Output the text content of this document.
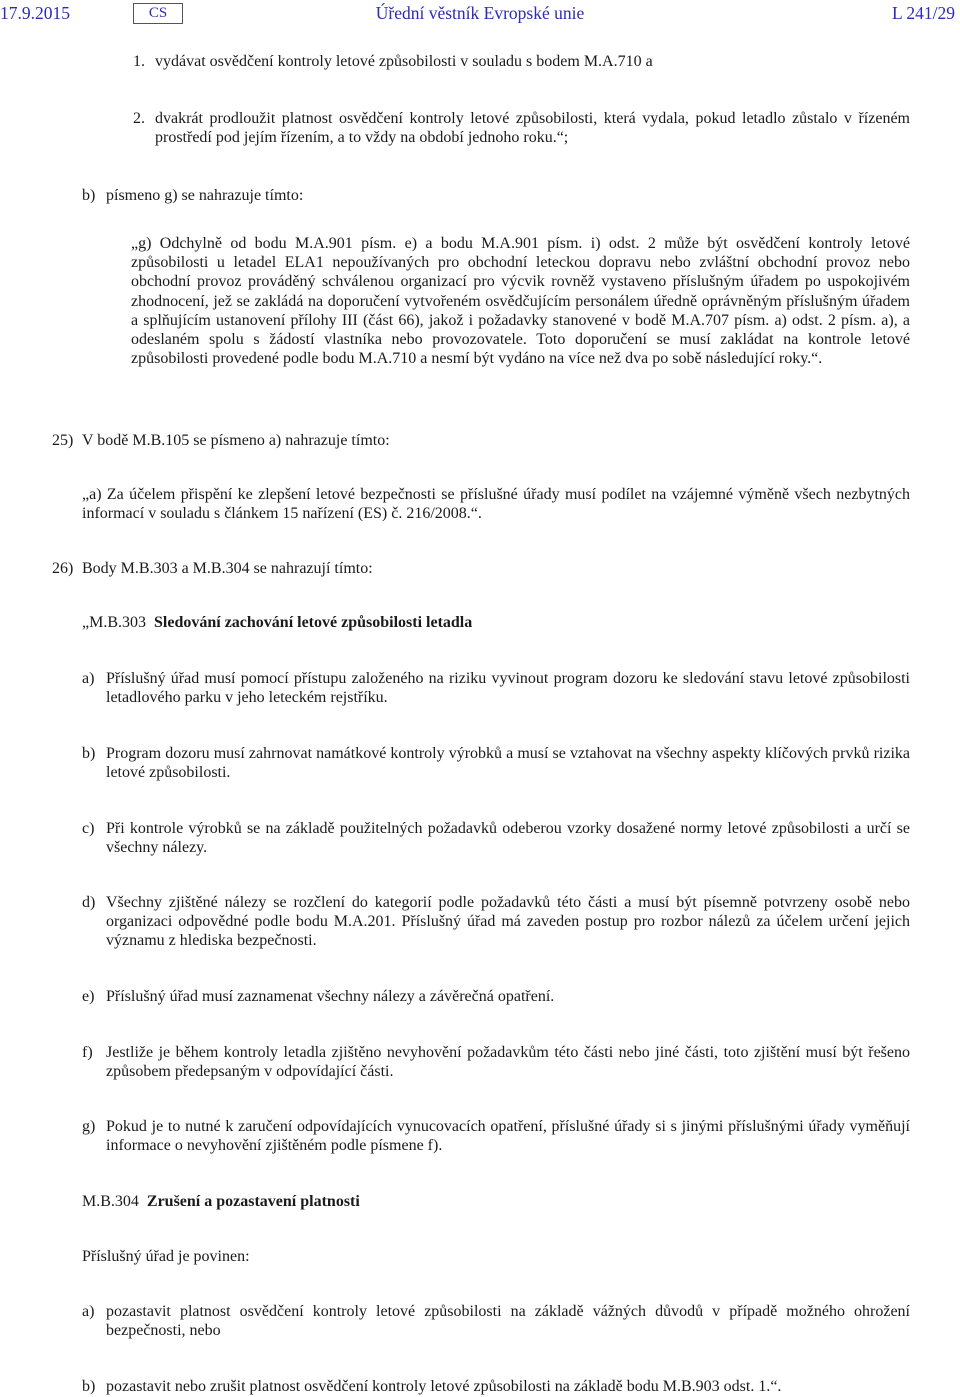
17.9.2015	CS	Úřední věstník Evropské unie	L 241/29
1. vydávat osvědčení kontroly letové způsobilosti v souladu s bodem M.A.710 a
2. dvakrát prodloužit platnost osvědčení kontroly letové způsobilosti, která vydala, pokud letadlo zůstalo v řízeném prostředí pod jejím řízením, a to vždy na období jednoho roku.“;
b) písmeno g) se nahrazuje tímto:
„g) Odchylně od bodu M.A.901 písm. e) a bodu M.A.901 písm. i) odst. 2 může být osvědčení kontroly letové způsobilosti u letadel ELA1 nepoužívaných pro obchodní leteckou dopravu nebo zvláštní obchodní provoz nebo obchodní provoz prováděný schválenou organizací pro výcvik rovněž vystaveno příslušným úřadem po uspokojivém zhodnocení, jež se zakládá na doporučení vytvořeném osvědčujícím personálem úředně oprávněným příslušným úřadem a splňujícím ustanovení přílohy III (část 66), jakož i požadavky stanovené v bodě M.A.707 písm. a) odst. 2 písm. a), a odeslaném spolu s žádostí vlastníka nebo provozovatele. Toto doporučení se musí zakládat na kontrole letové způsobilosti provedené podle bodu M.A.710 a nesmí být vydáno na více než dva po sobě následující roky.“.
25) V bodě M.B.105 se písmeno a) nahrazuje tímto:
„a) Za účelem přispění ke zlepšení letové bezpečnosti se příslušné úřady musí podílet na vzájemné výměně všech nezbytných informací v souladu s článkem 15 nařízení (ES) č. 216/2008.“.
26) Body M.B.303 a M.B.304 se nahrazují tímto:
„M.B.303 Sledování zachování letové způsobilosti letadla
a) Příslušný úřad musí pomocí přístupu založeného na riziku vyvinout program dozoru ke sledování stavu letové způsobilosti letadlového parku v jeho leteckém rejstříku.
b) Program dozoru musí zahrnovat namátkové kontroly výrobků a musí se vztahovat na všechny aspekty klíčových prvků rizika letové způsobilosti.
c) Při kontrole výrobků se na základě použitelných požadavků odeberou vzorky dosažené normy letové způsobilosti a určí se všechny nálezy.
d) Všechny zjištěné nálezy se rozčlení do kategorií podle požadavků této části a musí být písemně potvrzeny osobě nebo organizaci odpovědné podle bodu M.A.201. Příslušný úřad má zaveden postup pro rozbor nálezů za účelem určení jejich významu z hlediska bezpečnosti.
e) Příslušný úřad musí zaznamenat všechny nálezy a závěrečná opatření.
f) Jestliže je během kontroly letadla zjištěno nevyhovění požadavkům této části nebo jiné části, toto zjištění musí být řešeno způsobem předepsaným v odpovídající části.
g) Pokud je to nutné k zaručení odpovídajících vynucovacích opatření, příslušné úřady si s jinými příslušnými úřady vyměňují informace o nevyhovění zjištěném podle písmene f).
M.B.304 Zrušení a pozastavení platnosti
Příslušný úřad je povinen:
a) pozastavit platnost osvědčení kontroly letové způsobilosti na základě vážných důvodů v případě možného ohrožení bezpečnosti, nebo
b) pozastavit nebo zrušit platnost osvědčení kontroly letové způsobilosti na základě bodu M.B.903 odst. 1.“.
